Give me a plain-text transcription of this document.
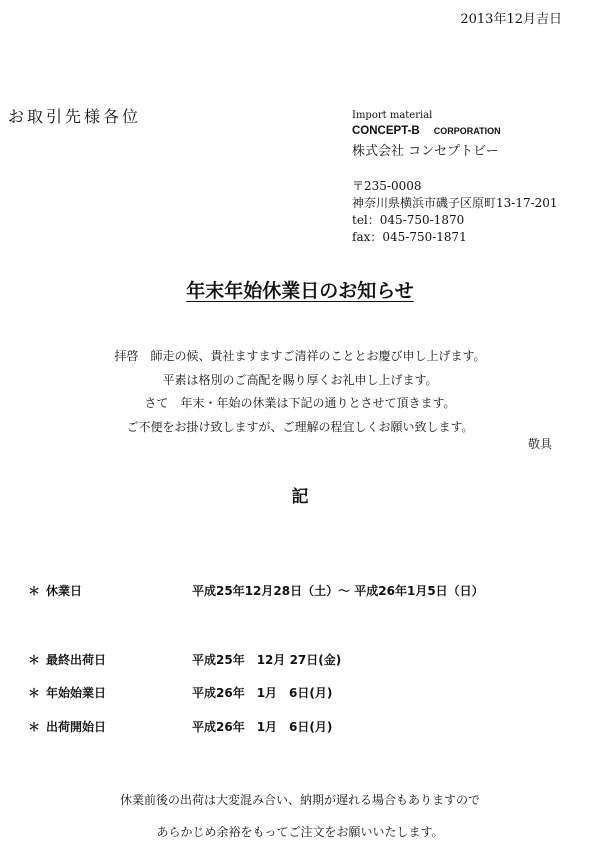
2013年12月吉日
お取引先様各位	Import material
CONCEPT-B CORPORATION
株式会社 コンセプトビー
〒235-0008
神奈川県横浜市磯子区原町13-17-201
tel：045-750-1870
fax：045-750-1871
年末年始休業日のお知らせ
拝啓　師走の候、貴社ますますご清祥のこととお慶び申し上げます。
平素は格別のご高配を賜り厚くお礼申し上げます。
さて　年末・年始の休業は下記の通りとさせて頂きます。
ご不便をお掛け致しますが、ご理解の程宜しくお願い致します。
敬具
記
＊ 休業日	平成25年12月28日（土）～ 平成26年1月5日（日）
＊ 最終出荷日	平成25年　12月 27日(金)
＊ 年始始業日	平成26年　1月　6日(月)
＊ 出荷開始日	平成26年　1月　6日(月)
休業前後の出荷は大変混み合い、納期が遅れる場合もありますので
あらかじめ余裕をもってご注文をお願いいたします。
